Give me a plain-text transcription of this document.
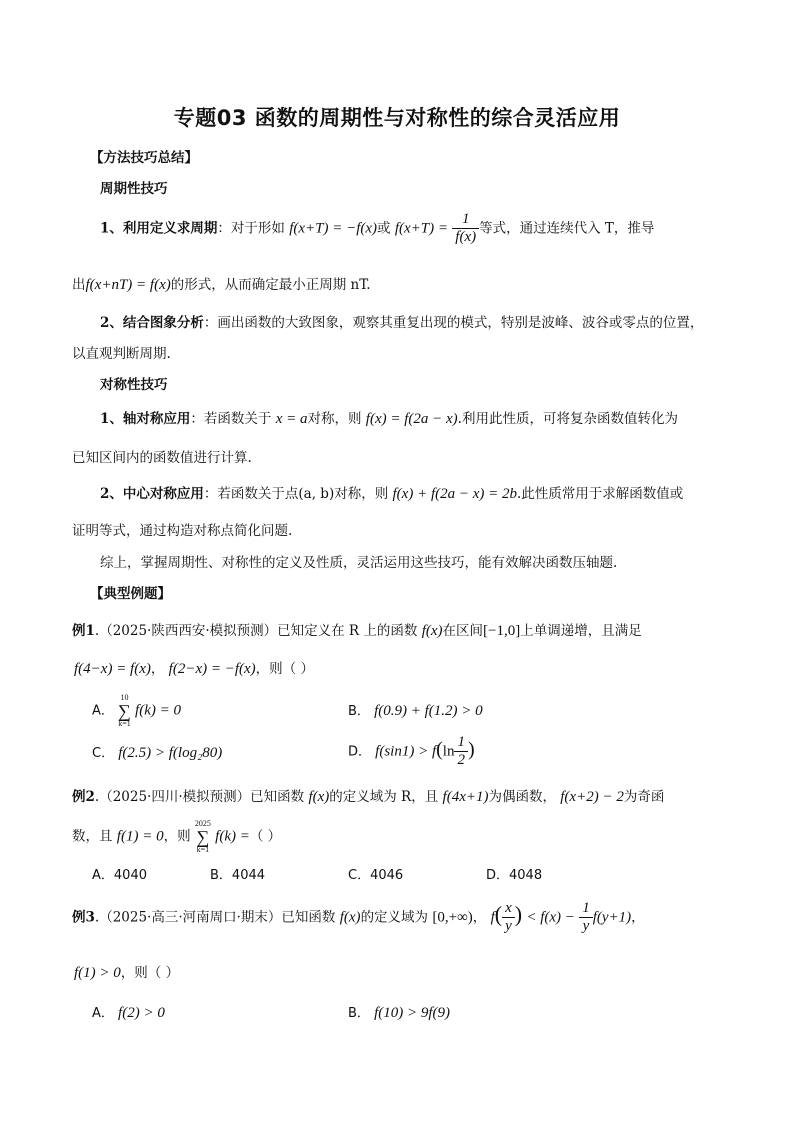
专题03 函数的周期性与对称性的综合灵活应用
【方法技巧总结】
周期性技巧
1、利用定义求周期：对于形如 f(x+T) = −f(x)或 $f(x+T) = \frac{1}{f(x)}$ 等式，通过连续代入 T，推导
出f(x+nT) = f(x)的形式，从而确定最小正周期 nT.
2、结合图象分析：画出函数的大致图象，观察其重复出现的模式，特别是波峰、波谷或零点的位置，
以直观判断周期.
对称性技巧
1、轴对称应用：若函数关于 x = a对称，则 f(x) = f(2a − x).利用此性质，可将复杂函数值转化为
已知区间内的函数值进行计算.
2、中心对称应用：若函数关于点(a, b)对称，则 f(x) + f(2a − x) = 2b.此性质常用于求解函数值或
证明等式，通过构造对称点简化问题.
综上，掌握周期性、对称性的定义及性质，灵活运用这些技巧，能有效解决函数压轴题.
【典型例题】
例1.（2025·陕西西安·模拟预测）已知定义在 R 上的函数 f(x)在区间[−1,0]上单调递增，且满足
f(4−x) = f(x)， f(2−x) = −f(x)，则（ ）
A．
10
∑
k=1
f(k) = 0	B． f(0.9) + f(1.2) > 0
C． f(2.5) > f(log₂80)	D． $f(\sin 1) > f(\ln \frac{1}{2}$ )
例2.（2025·四川·模拟预测）已知函数 f(x)的定义域为 R，且 f(4x+1)为偶函数， f(x+2) − 2为奇函
数，且 f(1) = 0，则
2025
∑
k=1
f(k) =（ ）
A．4040	B．4044	C．4046	D．4048
例3.（2025·高三·河南周口·期末）已知函数 f(x)的定义域为 [0,+∞)， $f( \frac{x}{y}$ ) < $f(x) - \frac{1}{y} f(y+1)$，
f(1) > 0，则（ ）
A． f(2) > 0	B． f(10) > 9f(9)
